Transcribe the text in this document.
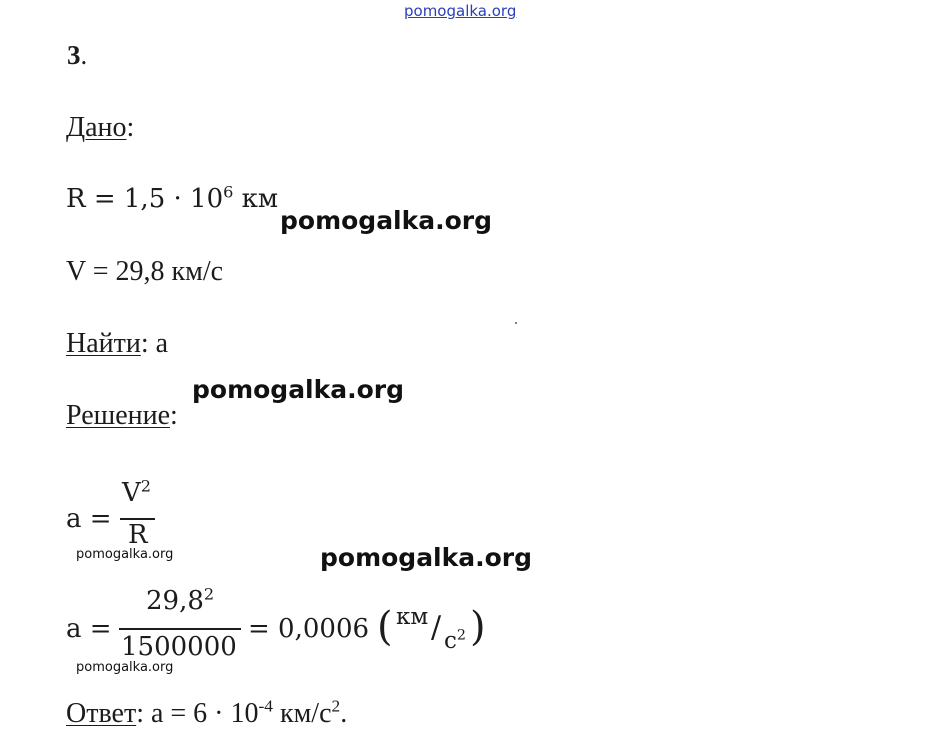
pomogalka.org
3.
Дано:
$R = 1,5 \cdot 10^6$ км
pomogalka.org
V = 29,8 км/с
Найти: a
pomogalka.org
Решение:
a =
$V^2$
R
pomogalka.org	pomogalka.org
a =
$29,8^2$
1500000
= 0,0006 ( км / $с^2$ )
pomogalka.org
Ответ: $a = 6 \cdot 10^{-4}$ $км/с^2$.
